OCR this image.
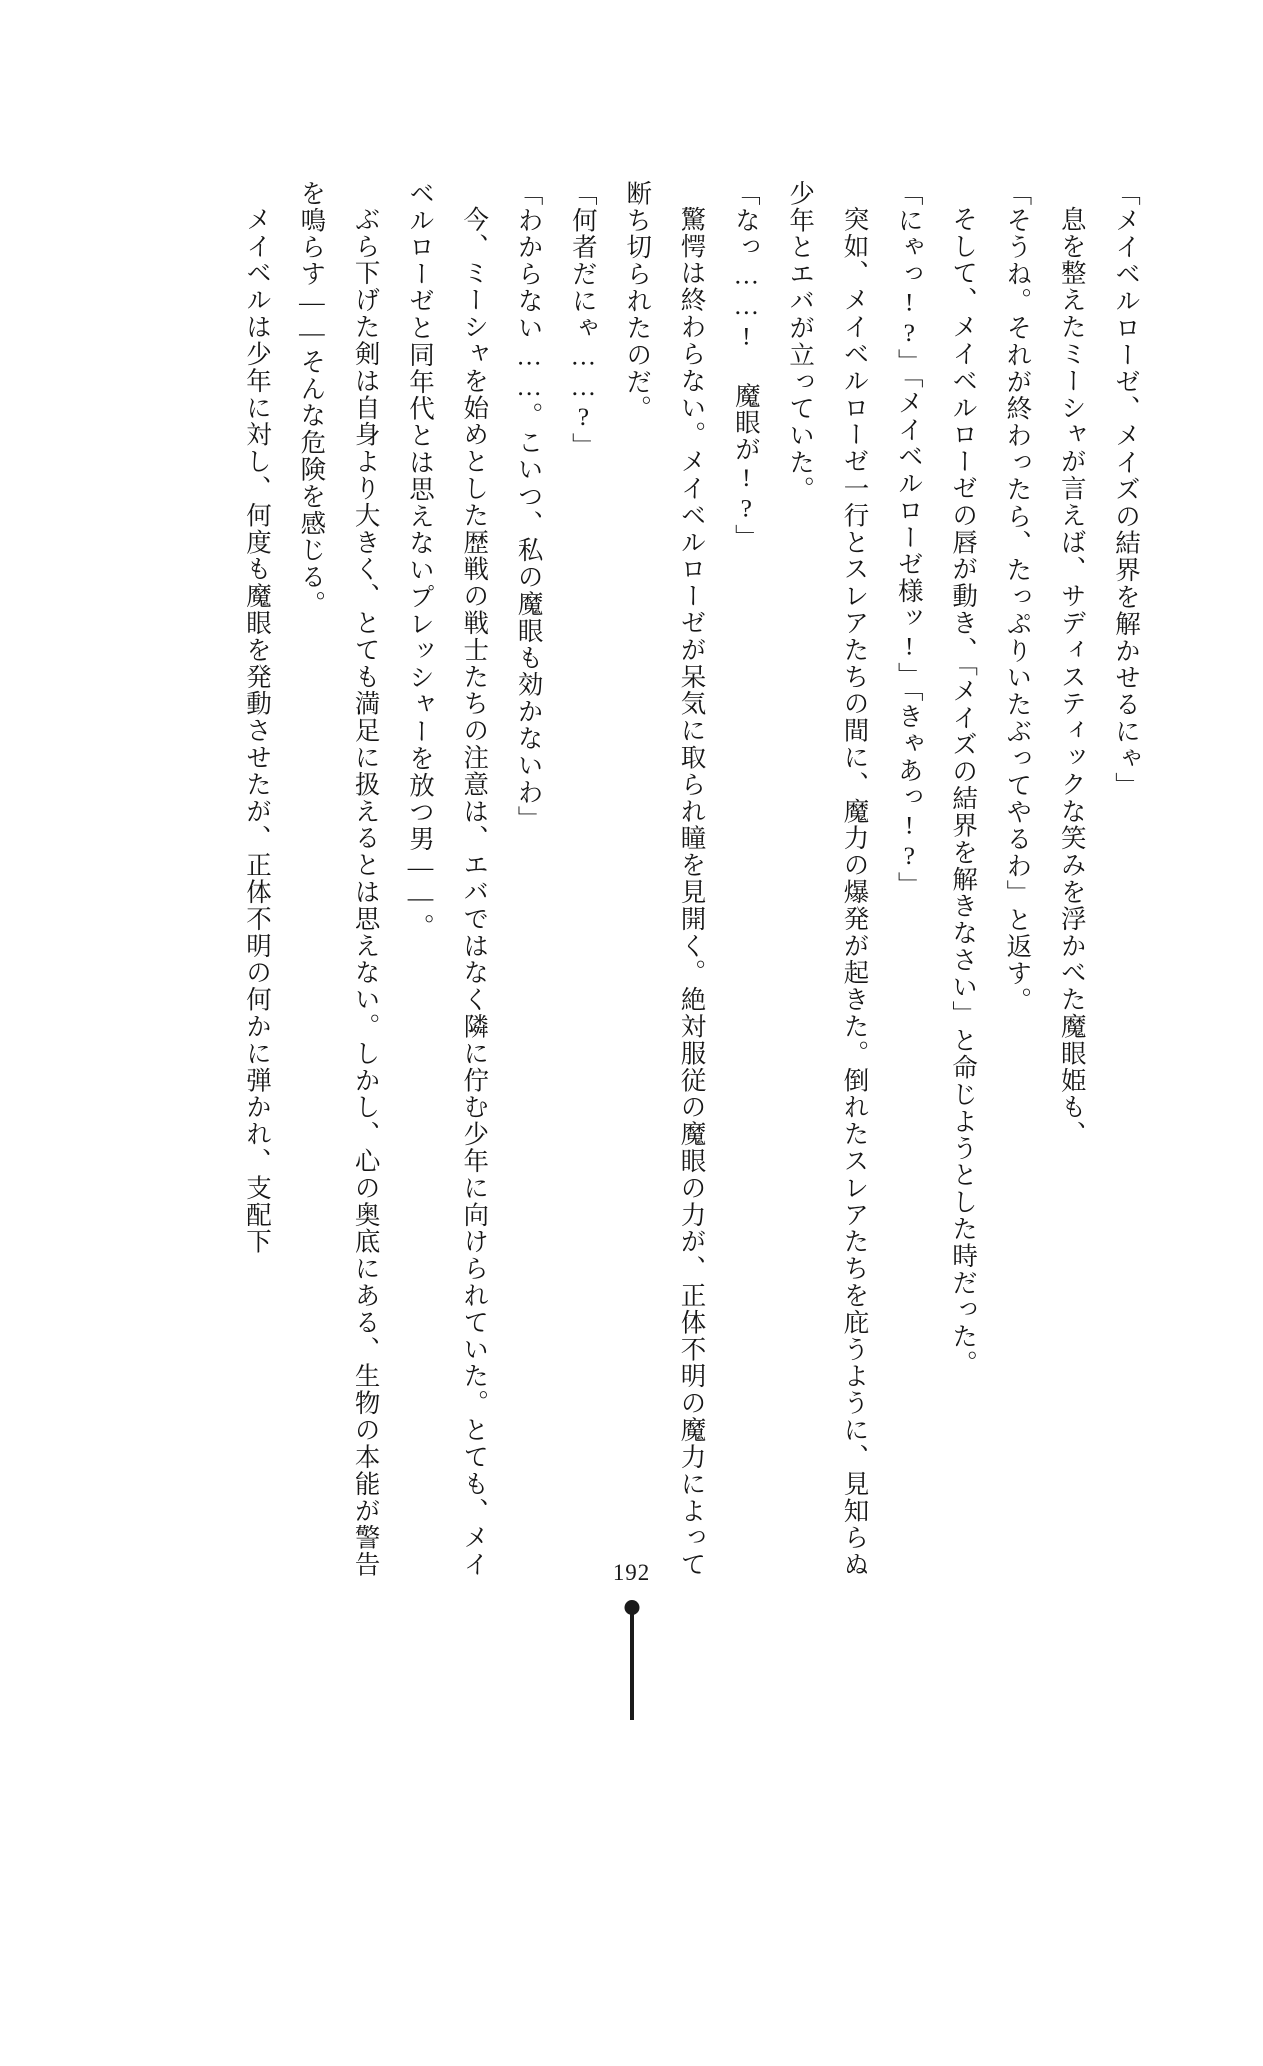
「メイベルローゼ、メイズの結界を解かせるにゃ」

息を整えたミーシャが言えば、サディスティックな笑みを浮かべた魔眼姫も、

「そうね。それが終わったら、たっぷりいたぶってやるわ」と返す。

そして、メイベルローゼの唇が動き、「メイズの結界を解きなさい」と命じようとした時だった。

「にゃっ!?」「メイベルローゼ様ッ!」「きゃあっ!?」

突如、メイベルローゼ一行とスレアたちの間に、魔力の爆発が起きた。倒れたスレアたちを庇うように、見知らぬ少年とエバが立っていた。

「なっ……! 魔眼が!?」

驚愕は終わらない。メイベルローゼが呆気に取られ瞳を見開く。絶対服従の魔眼の力が、正体不明の魔力によって断ち切られたのだ。

「何者だにゃ……?」

「わからない……。こいつ、私の魔眼も効かないわ」

今、ミーシャを始めとした歴戦の戦士たちの注意は、エバではなく隣に佇む少年に向けられていた。とても、メイベルローゼと同年代とは思えないプレッシャーを放つ男——。

ぶら下げた剣は自身より大きく、とても満足に扱えるとは思えない。しかし、心の奥底にある、生物の本能が警告を鳴らす——そんな危険を感じる。

メイベルは少年に対し、何度も魔眼を発動させたが、正体不明の何かに弾かれ、支配下

192
